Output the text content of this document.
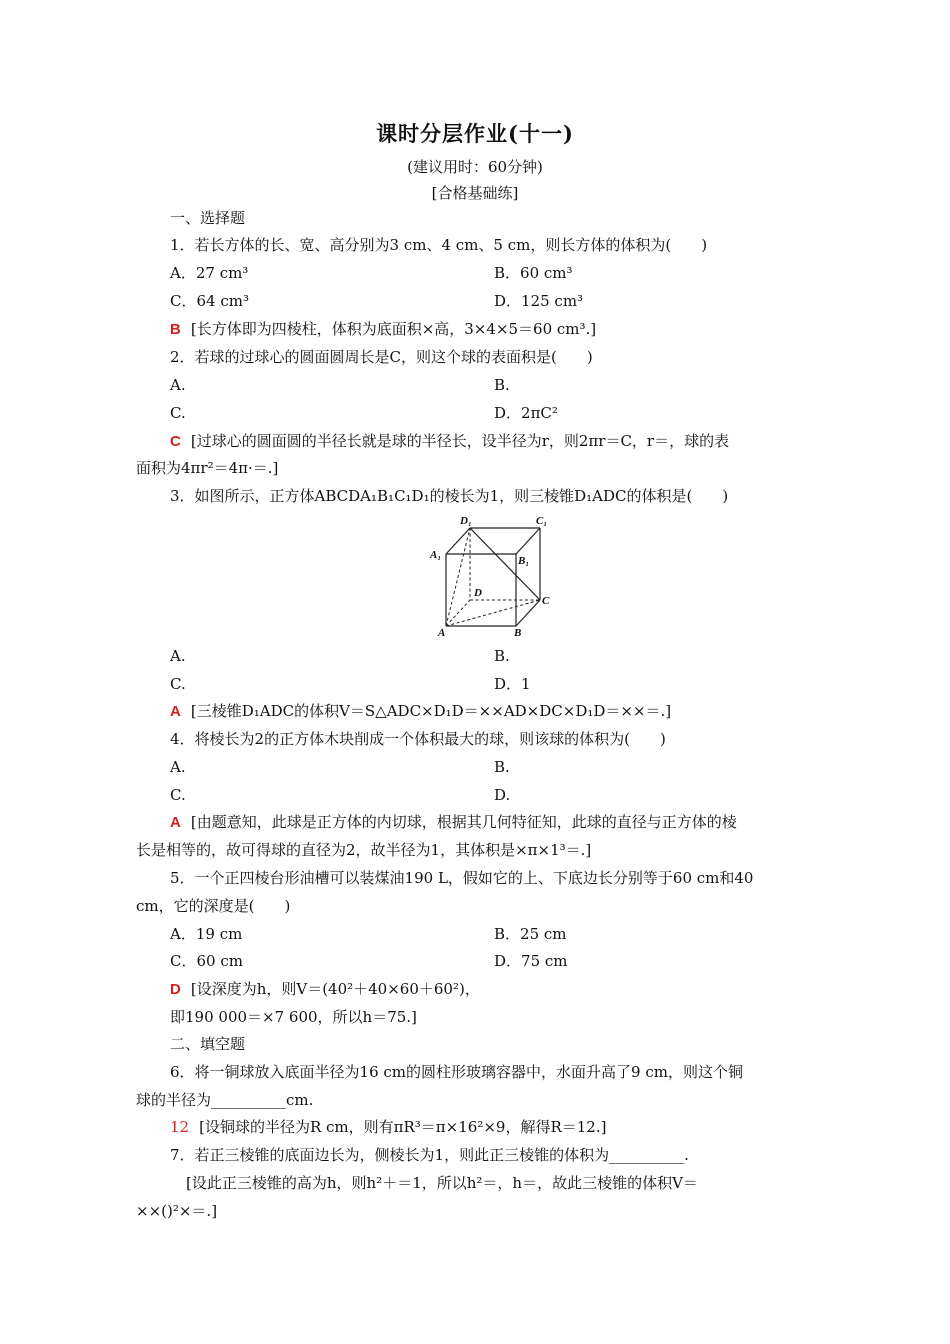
课时分层作业(十一)
(建议用时：60分钟)
[合格基础练]
一、选择题
1．若长方体的长、宽、高分别为3 cm、4 cm、5 cm，则长方体的体积为(　　)
A．27 cm³	B．60 cm³
C．64 cm³	D．125 cm³
B [长方体即为四棱柱，体积为底面积×高，3×4×5＝60 cm³.]
2．若球的过球心的圆面圆周长是C，则这个球的表面积是(　　)
A.	B.
C.	D．2πC²
C [过球心的圆面圆的半径长就是球的半径长，设半径为r，则2πr＝C，r＝，球的表
面积为4πr²＝4π·＝.]
3．如图所示，正方体ABCDA₁B₁C₁D₁的棱长为1，则三棱锥D₁ADC的体积是(　　)
D₁	C₁
A₁	B₁
D
C
A	B
A.	B.
C.	D．1
A [三棱锥D₁ADC的体积V＝S△ADC×D₁D＝××AD×DC×D₁D＝××＝.]
4．将棱长为2的正方体木块削成一个体积最大的球，则该球的体积为(　　)
A.	B.
C.	D.
A [由题意知，此球是正方体的内切球，根据其几何特征知，此球的直径与正方体的棱
长是相等的，故可得球的直径为2，故半径为1，其体积是×π×1³＝.]
5．一个正四棱台形油槽可以装煤油190 L，假如它的上、下底边长分别等于60 cm和40
cm，它的深度是(　　)
A．19 cm	B．25 cm
C．60 cm	D．75 cm
D [设深度为h，则V＝(40²＋40×60＋60²)，
即190 000＝×7 600，所以h＝75.]
二、填空题
6．将一铜球放入底面半径为16 cm的圆柱形玻璃容器中，水面升高了9 cm，则这个铜
球的半径为__________cm.
12 [设铜球的半径为R cm，则有πR³＝π×16²×9，解得R＝12.]
7．若正三棱锥的底面边长为，侧棱长为1，则此正三棱锥的体积为__________.
[设此正三棱锥的高为h，则h²＋＝1，所以h²＝，h＝，故此三棱锥的体积V＝
××()²×＝.]
